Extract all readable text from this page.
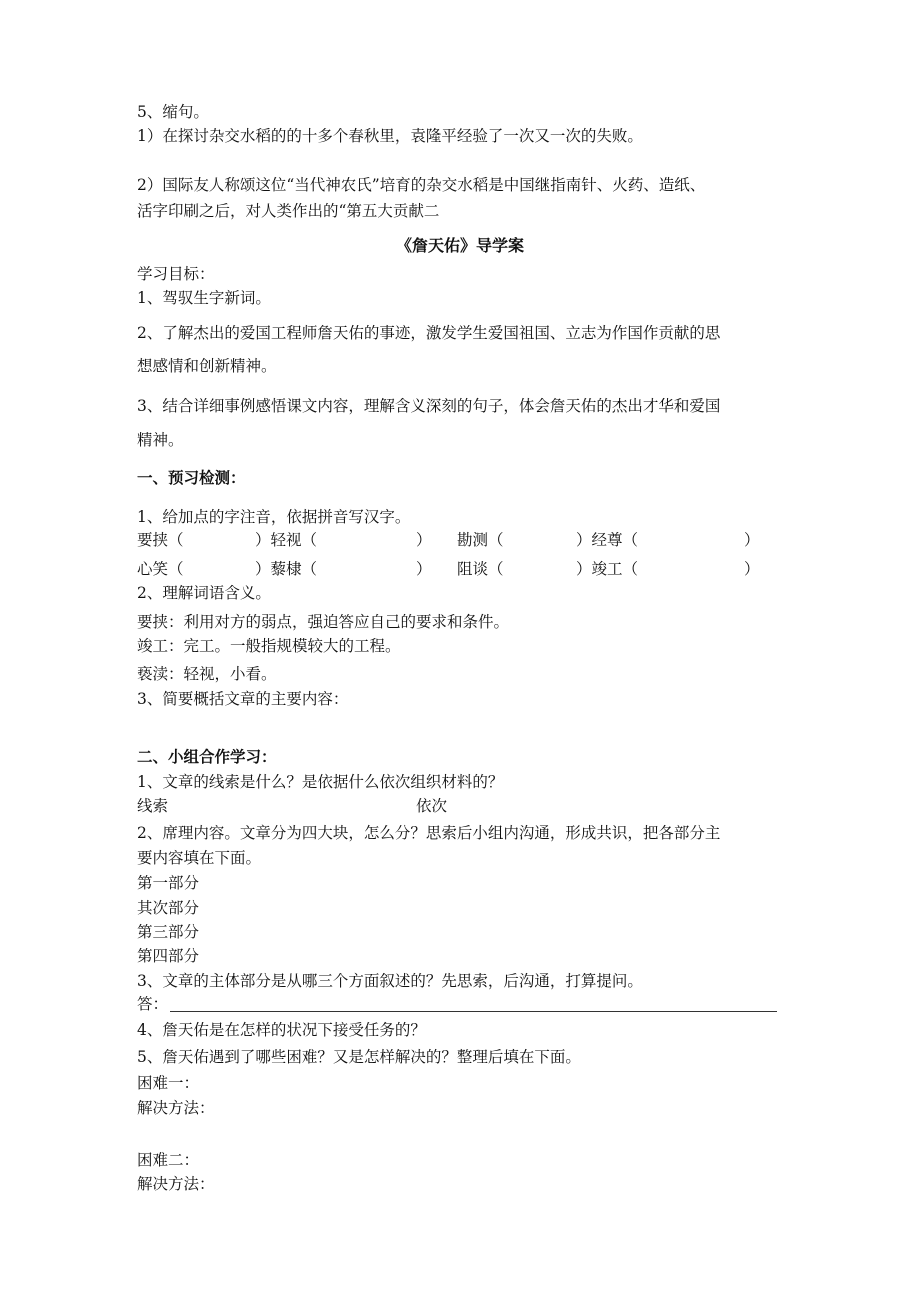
5、缩句。
1）在探讨杂交水稻的的十多个春秋里，袁隆平经验了一次又一次的失败。
2）国际友人称颂这位“当代神农氏”培育的杂交水稻是中国继指南针、火药、造纸、
活字印刷之后，对人类作出的“第五大贡献二
《詹天佑》导学案
学习目标：
1、驾驭生字新词。
2、了解杰出的爱国工程师詹天佑的事迹，激发学生爱国祖国、立志为作国作贡献的思
想感情和创新精神。
3、结合详细事例感悟课文内容，理解含义深刻的句子，体会詹天佑的杰出才华和爱国
精神。
一、预习检测：
1、给加点的字注音，依据拼音写汉字。
要挟（	）轻视（	） 勘测（	）经尊（	）
心笑（	）藜棣（	） 阻谈（	）竣工（	）
2、理解词语含义。
要挟：利用对方的弱点，强迫答应自己的要求和条件。
竣工：完工。一般指规模较大的工程。
亵渎：轻视，小看。
3、简要概括文章的主要内容：
二、小组合作学习：
1、文章的线索是什么？是依据什么依次组织材料的？
线索	依次
2、席理内容。文章分为四大块，怎么分？思索后小组内沟通，形成共识，把各部分主
要内容填在下面。
第一部分
其次部分
第三部分
第四部分
3、文章的主体部分是从哪三个方面叙述的？先思索，后沟通，打算提问。
答：
4、詹天佑是在怎样的状况下接受任务的？
5、詹天佑遇到了哪些困难？又是怎样解决的？整理后填在下面。
困难一：
解决方法：
困难二：
解决方法：
